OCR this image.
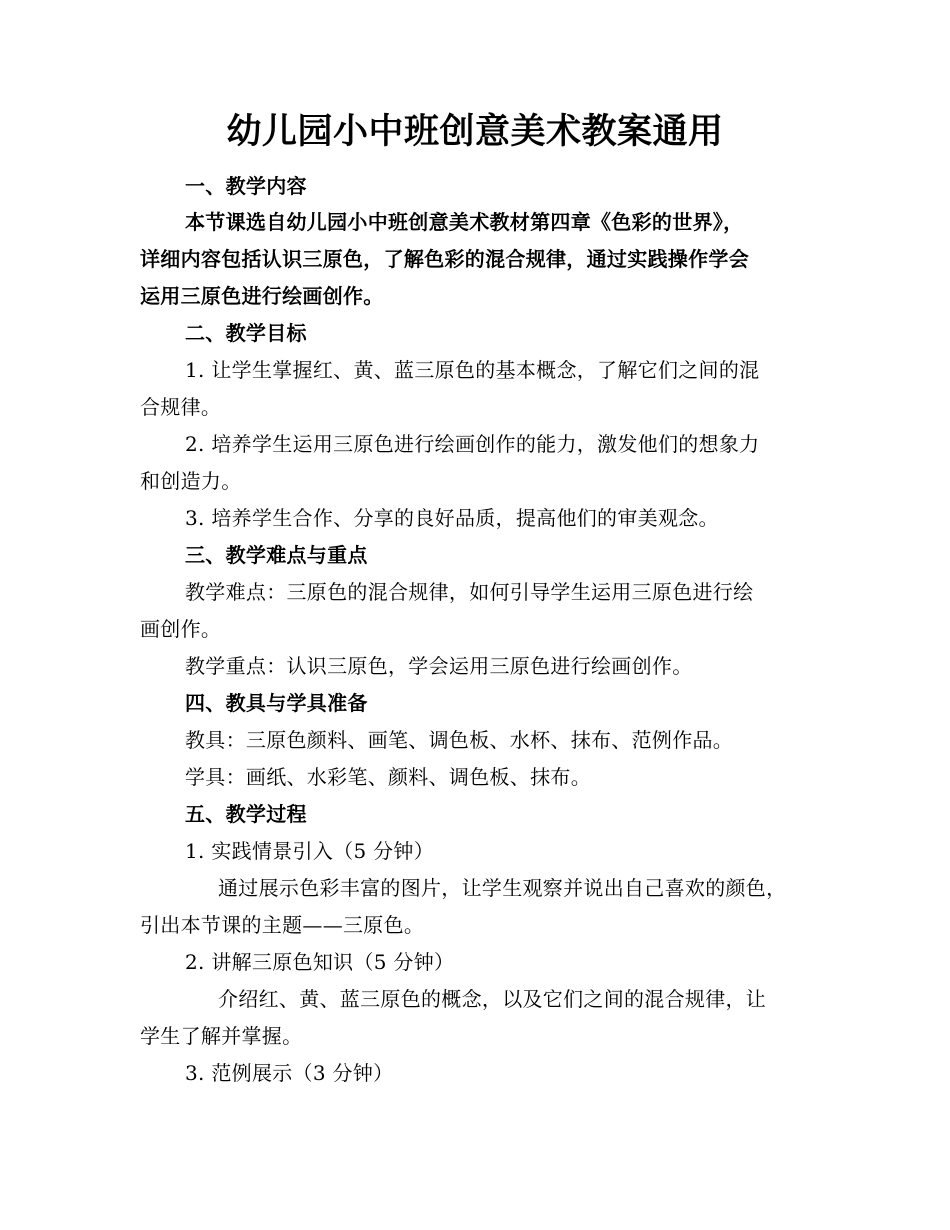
幼儿园小中班创意美术教案通用
一、教学内容
本节课选自幼儿园小中班创意美术教材第四章《色彩的世界》，
详细内容包括认识三原色，了解色彩的混合规律，通过实践操作学会
运用三原色进行绘画创作。
二、教学目标
1. 让学生掌握红、黄、蓝三原色的基本概念，了解它们之间的混
合规律。
2. 培养学生运用三原色进行绘画创作的能力，激发他们的想象力
和创造力。
3. 培养学生合作、分享的良好品质，提高他们的审美观念。
三、教学难点与重点
教学难点：三原色的混合规律，如何引导学生运用三原色进行绘
画创作。
教学重点：认识三原色，学会运用三原色进行绘画创作。
四、教具与学具准备
教具：三原色颜料、画笔、调色板、水杯、抹布、范例作品。
学具：画纸、水彩笔、颜料、调色板、抹布。
五、教学过程
1. 实践情景引入（5 分钟）
通过展示色彩丰富的图片，让学生观察并说出自己喜欢的颜色，
引出本节课的主题——三原色。
2. 讲解三原色知识（5 分钟）
介绍红、黄、蓝三原色的概念，以及它们之间的混合规律，让
学生了解并掌握。
3. 范例展示（3 分钟）
